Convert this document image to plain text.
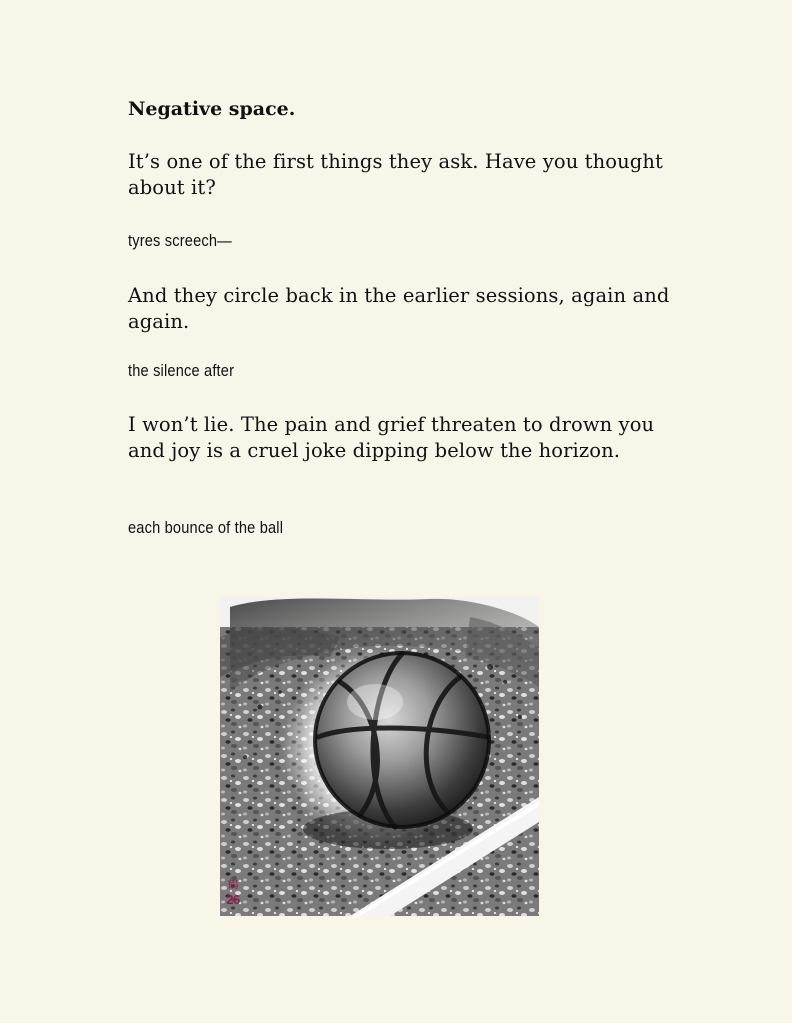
Negative space.

It’s one of the first things they ask. Have you thought about it?

tyres screech—

And they circle back in the earlier sessions, again and again.

the silence after

I won’t lie. The pain and grief threaten to drown you and joy is a cruel joke dipping below the horizon.

each bounce of the ball

鶴
26
